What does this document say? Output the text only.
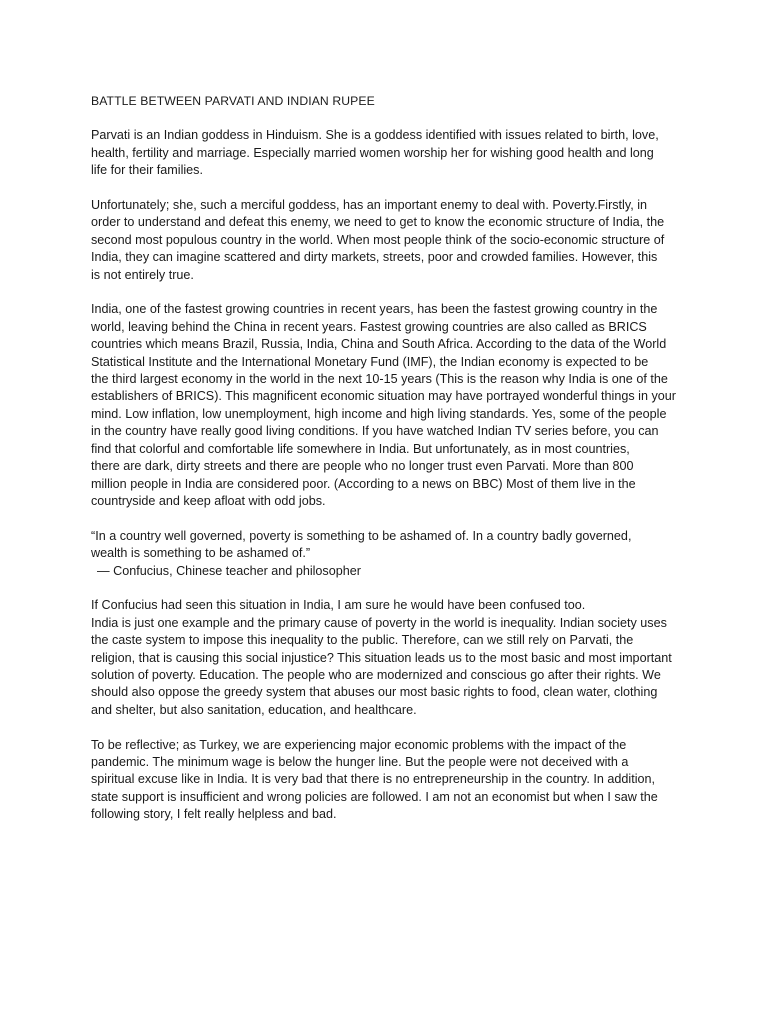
BATTLE BETWEEN PARVATI AND INDIAN RUPEE
Parvati is an Indian goddess in Hinduism. She is a goddess identified with issues related to birth, love,
health, fertility and marriage. Especially married women worship her for wishing good health and long
life for their families.
Unfortunately; she, such a merciful goddess, has an important enemy to deal with. Poverty.Firstly, in
order to understand and defeat this enemy, we need to get to know the economic structure of India, the
second most populous country in the world. When most people think of the socio-economic structure of
India, they can imagine scattered and dirty markets, streets, poor and crowded families. However, this
is not entirely true.
India, one of the fastest growing countries in recent years, has been the fastest growing country in the
world, leaving behind the China in recent years. Fastest growing countries are also called as BRICS
countries which means Brazil, Russia, India, China and South Africa. According to the data of the World
Statistical Institute and the International Monetary Fund (IMF), the Indian economy is expected to be
the third largest economy in the world in the next 10-15 years (This is the reason why India is one of the
establishers of BRICS). This magnificent economic situation may have portrayed wonderful things in your
mind. Low inflation, low unemployment, high income and high living standards. Yes, some of the people
in the country have really good living conditions. If you have watched Indian TV series before, you can
find that colorful and comfortable life somewhere in India. But unfortunately, as in most countries,
there are dark, dirty streets and there are people who no longer trust even Parvati. More than 800
million people in India are considered poor. (According to a news on BBC) Most of them live in the
countryside and keep afloat with odd jobs.
“In a country well governed, poverty is something to be ashamed of. In a country badly governed,
wealth is something to be ashamed of.”
— Confucius, Chinese teacher and philosopher
If Confucius had seen this situation in India, I am sure he would have been confused too.
India is just one example and the primary cause of poverty in the world is inequality. Indian society uses
the caste system to impose this inequality to the public. Therefore, can we still rely on Parvati, the
religion, that is causing this social injustice? This situation leads us to the most basic and most important
solution of poverty. Education. The people who are modernized and conscious go after their rights. We
should also oppose the greedy system that abuses our most basic rights to food, clean water, clothing
and shelter, but also sanitation, education, and healthcare.
To be reflective; as Turkey, we are experiencing major economic problems with the impact of the
pandemic. The minimum wage is below the hunger line. But the people were not deceived with a
spiritual excuse like in India. It is very bad that there is no entrepreneurship in the country. In addition,
state support is insufficient and wrong policies are followed. I am not an economist but when I saw the
following story, I felt really helpless and bad.
